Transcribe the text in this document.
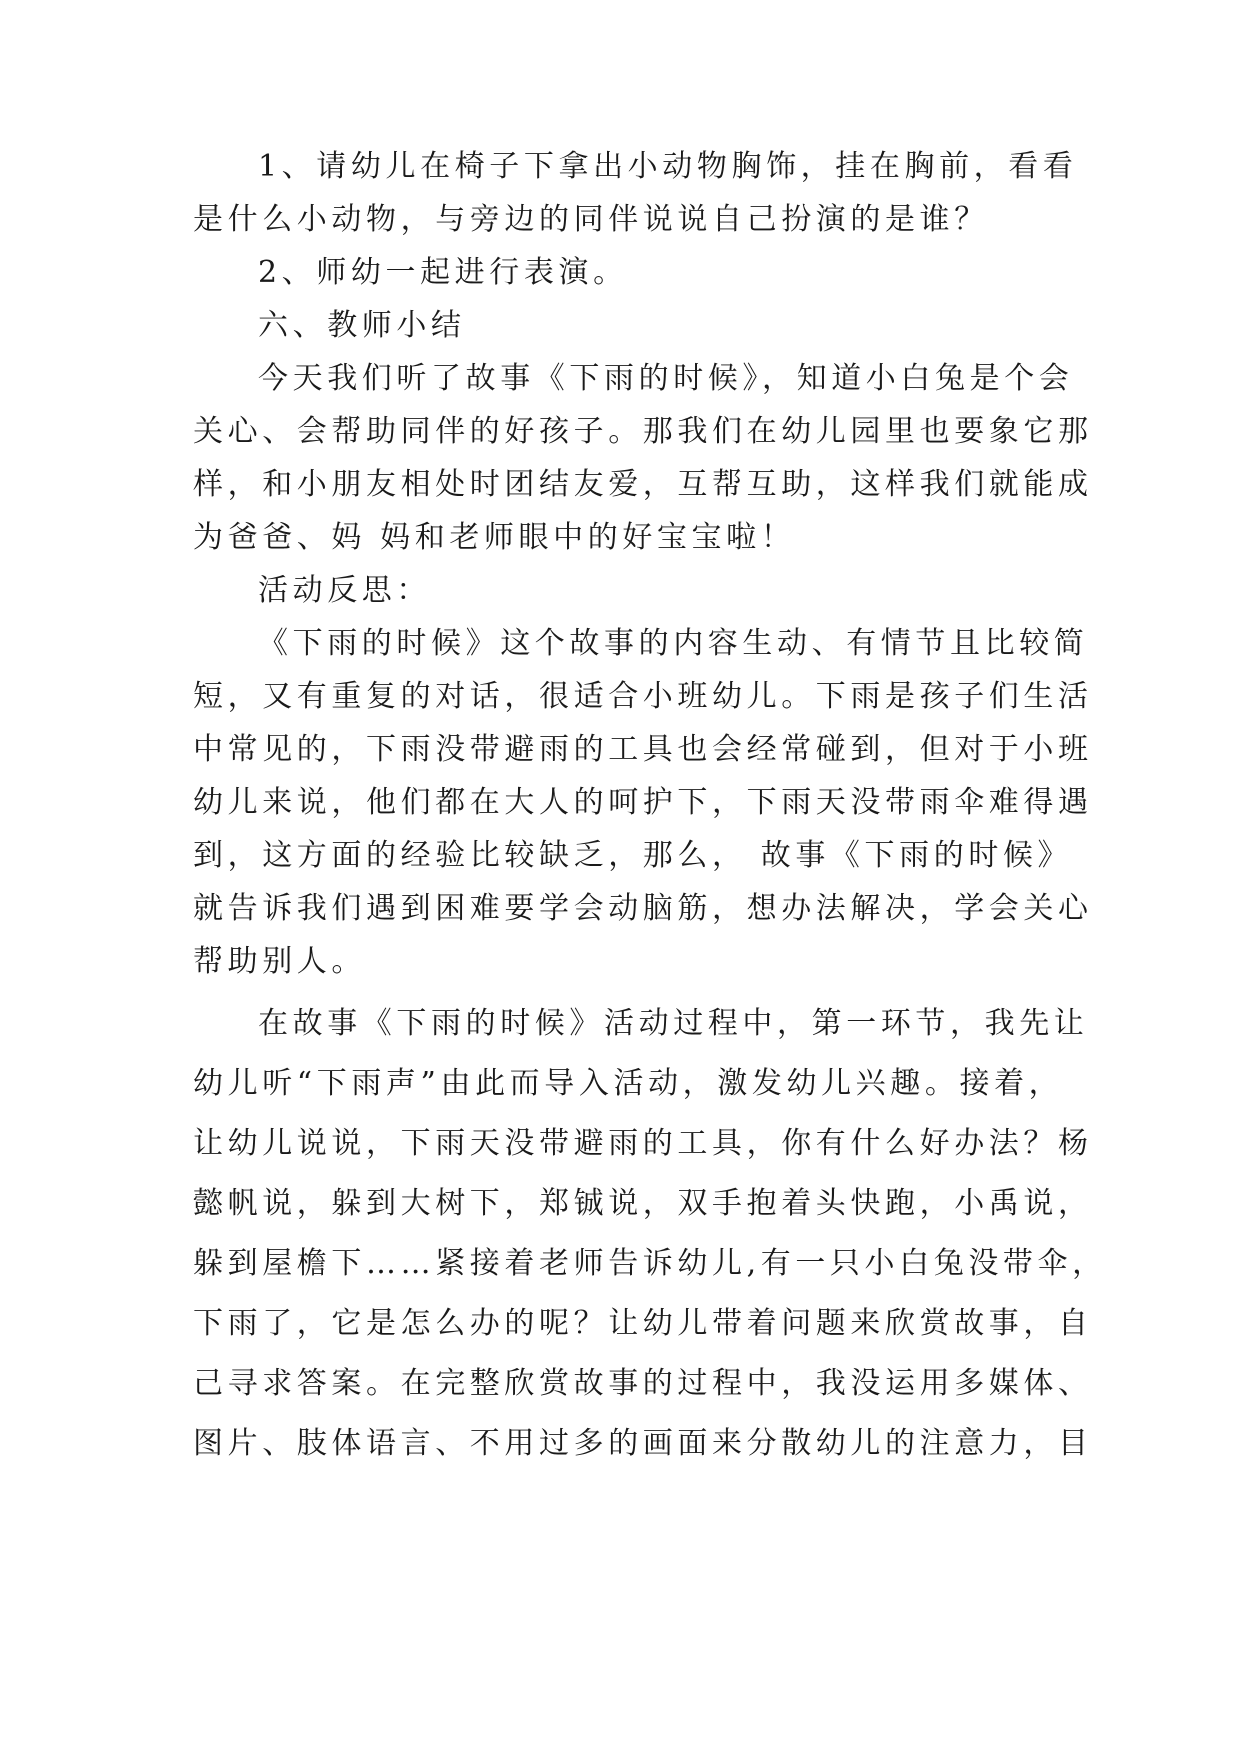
1、请幼儿在椅子下拿出小动物胸饰，挂在胸前，看看
是什么小动物，与旁边的同伴说说自己扮演的是谁？
2、师幼一起进行表演。
六、教师小结
今天我们听了故事《下雨的时候》，知道小白兔是个会
关心、会帮助同伴的好孩子。那我们在幼儿园里也要象它那
样，和小朋友相处时团结友爱，互帮互助，这样我们就能成
为爸爸、妈 妈和老师眼中的好宝宝啦！
活动反思：
《下雨的时候》这个故事的内容生动、有情节且比较简
短，又有重复的对话，很适合小班幼儿。下雨是孩子们生活
中常见的，下雨没带避雨的工具也会经常碰到，但对于小班
幼儿来说，他们都在大人的呵护下，下雨天没带雨伞难得遇
到，这方面的经验比较缺乏，那么， 故事《下雨的时候》
就告诉我们遇到困难要学会动脑筋，想办法解决，学会关心
帮助别人。
在故事《下雨的时候》活动过程中，第一环节，我先让
幼儿听“下雨声”由此而导入活动，激发幼儿兴趣。接着，
让幼儿说说，下雨天没带避雨的工具，你有什么好办法？杨
懿帆说，躲到大树下，郑铖说，双手抱着头快跑，小禹说，
躲到屋檐下……紧接着老师告诉幼儿,有一只小白兔没带伞，
下雨了，它是怎么办的呢？让幼儿带着问题来欣赏故事，自
己寻求答案。在完整欣赏故事的过程中，我没运用多媒体、
图片、肢体语言、不用过多的画面来分散幼儿的注意力，目
